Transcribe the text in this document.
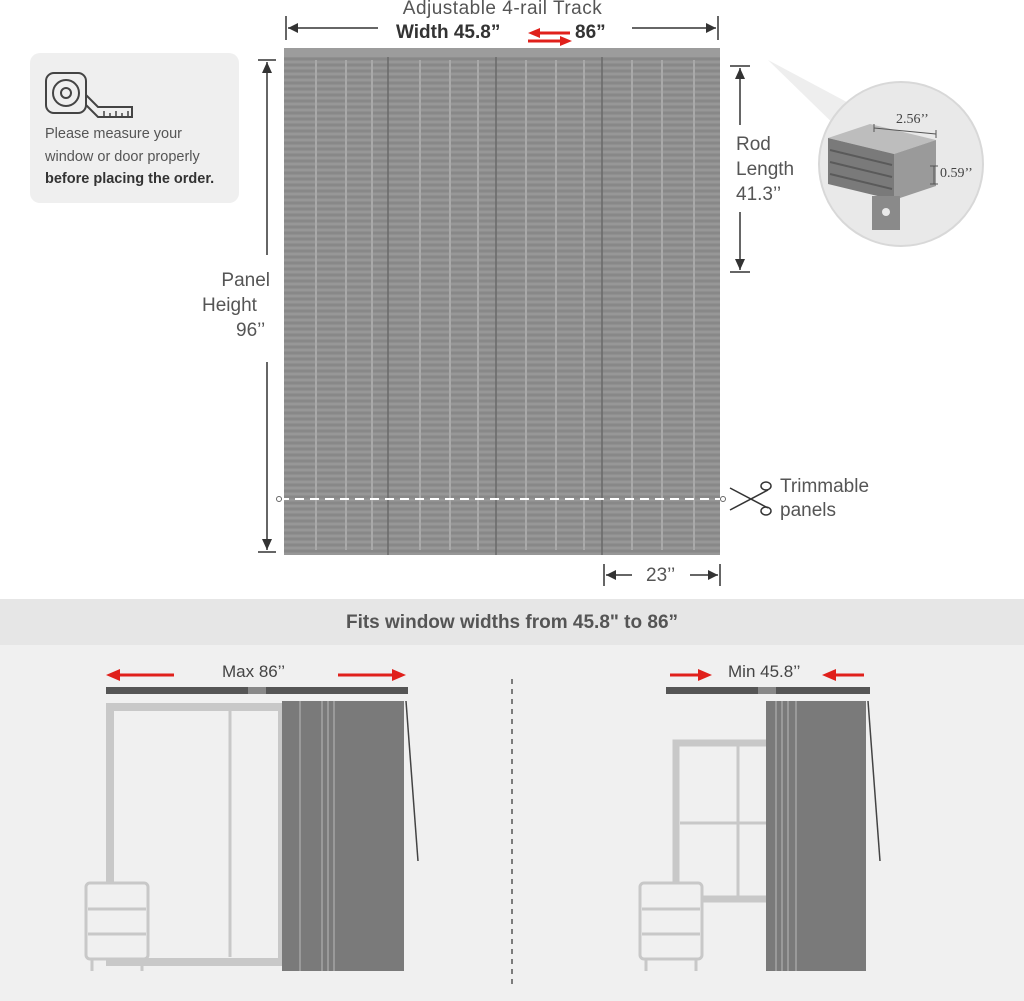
Adjustable 4-rail Track
Width 45.8”	86”
Please measure your
window or door properly
before placing the order.
Panel
Height
96’’
Rod
Length
41.3’’
2.56’’
0.59’’
Trimmable
panels
23’’
Fits window widths from 45.8" to 86”
Max 86’’	Min 45.8’’
